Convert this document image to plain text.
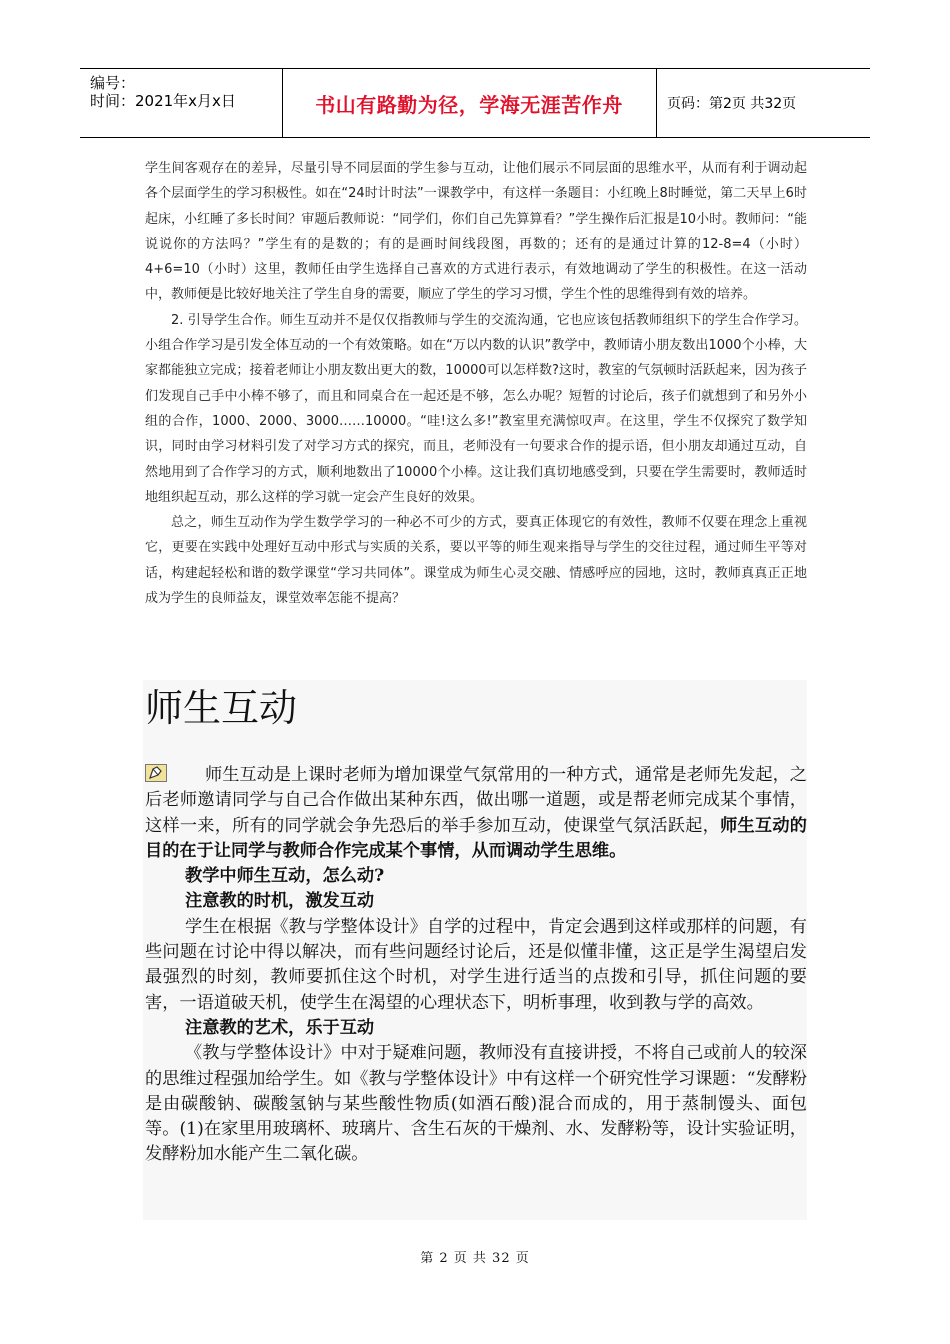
编号：
时间：2021年x月x日	书山有路勤为径，学海无涯苦作舟	页码：第2页 共32页

学生间客观存在的差异，尽量引导不同层面的学生参与互动，让他们展示不同层面的思维水平，从而有利于调动起各个层面学生的学习积极性。如在“24时计时法”一课教学中，有这样一条题目：小红晚上8时睡觉，第二天早上6时起床，小红睡了多长时间？审题后教师说：“同学们，你们自己先算算看？”学生操作后汇报是10小时。教师问：“能说说你的方法吗？”学生有的是数的；有的是画时间线段图，再数的；还有的是通过计算的12-8=4（小时）4+6=10（小时）这里，教师任由学生选择自己喜欢的方式进行表示，有效地调动了学生的积极性。在这一活动中，教师便是比较好地关注了学生自身的需要，顺应了学生的学习习惯，学生个性的思维得到有效的培养。

2. 引导学生合作。师生互动并不是仅仅指教师与学生的交流沟通，它也应该包括教师组织下的学生合作学习。小组合作学习是引发全体互动的一个有效策略。如在“万以内数的认识”教学中，教师请小朋友数出1000个小棒，大家都能独立完成；接着老师让小朋友数出更大的数，10000可以怎样数?这时，教室的气氛顿时活跃起来，因为孩子们发现自己手中小棒不够了，而且和同桌合在一起还是不够，怎么办呢？短暂的讨论后，孩子们就想到了和另外小组的合作，1000、2000、3000……10000。“哇!这么多!”教室里充满惊叹声。在这里，学生不仅探究了数学知识，同时由学习材料引发了对学习方式的探究，而且，老师没有一句要求合作的提示语，但小朋友却通过互动，自然地用到了合作学习的方式，顺利地数出了10000个小棒。这让我们真切地感受到，只要在学生需要时，教师适时地组织起互动，那么这样的学习就一定会产生良好的效果。

总之，师生互动作为学生数学学习的一种必不可少的方式，要真正体现它的有效性，教师不仅要在理念上重视它，更要在实践中处理好互动中形式与实质的关系，要以平等的师生观来指导与学生的交往过程，通过师生平等对话，构建起轻松和谐的数学课堂“学习共同体”。课堂成为师生心灵交融、情感呼应的园地，这时，教师真真正正地成为学生的良师益友，课堂效率怎能不提高？

师生互动

师生互动是上课时老师为增加课堂气氛常用的一种方式，通常是老师先发起，之后老师邀请同学与自己合作做出某种东西，做出哪一道题，或是帮老师完成某个事情，这样一来，所有的同学就会争先恐后的举手参加互动，使课堂气氛活跃起，师生互动的目的在于让同学与教师合作完成某个事情，从而调动学生思维。

教学中师生互动，怎么动?

注意教的时机，激发互动

学生在根据《教与学整体设计》自学的过程中，肯定会遇到这样或那样的问题，有些问题在讨论中得以解决，而有些问题经讨论后，还是似懂非懂，这正是学生渴望启发最强烈的时刻，教师要抓住这个时机，对学生进行适当的点拨和引导，抓住问题的要害，一语道破天机，使学生在渴望的心理状态下，明析事理，收到教与学的高效。

注意教的艺术，乐于互动

《教与学整体设计》中对于疑难问题，教师没有直接讲授，不将自己或前人的较深的思维过程强加给学生。如《教与学整体设计》中有这样一个研究性学习课题：“发酵粉是由碳酸钠、碳酸氢钠与某些酸性物质(如酒石酸)混合而成的，用于蒸制馒头、面包等。(1)在家里用玻璃杯、玻璃片、含生石灰的干燥剂、水、发酵粉等，设计实验证明，发酵粉加水能产生二氧化碳。

第 2 页 共 32 页
